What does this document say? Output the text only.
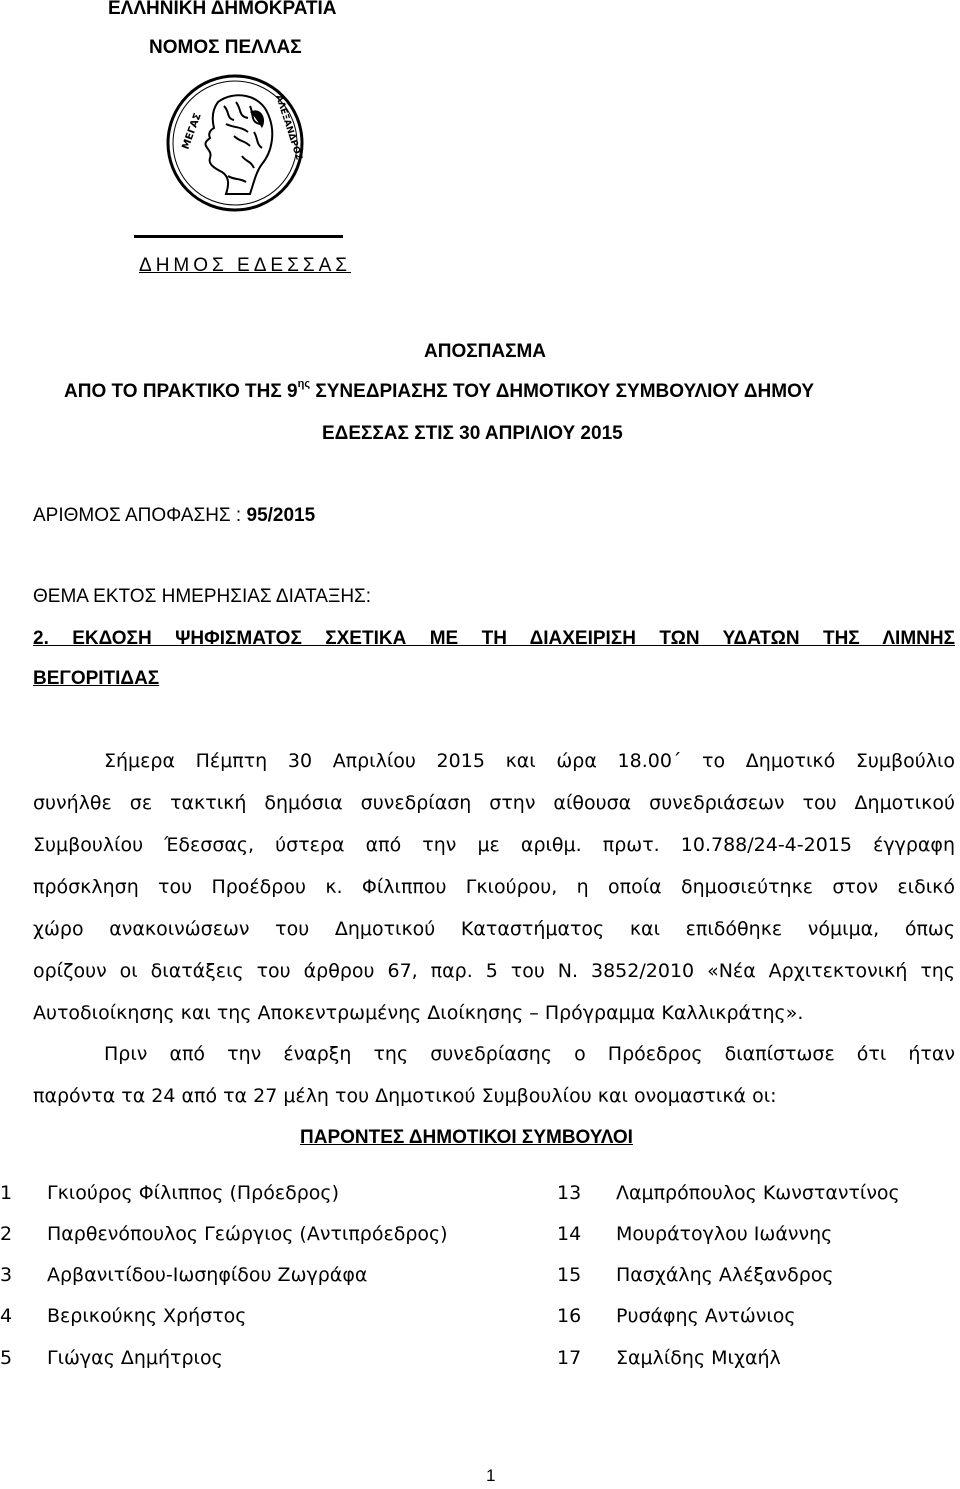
ΕΛΛΗΝΙΚΗ ΔΗΜΟΚΡΑΤΙΑ
ΝΟΜΟΣ ΠΕΛΛΑΣ
ΜΕΓΑΣ	ΑΛΕΞΑΝΔΡΟΣ
ΔΗΜΟΣ ΕΔΕΣΣΑΣ
ΑΠΟΣΠΑΣΜΑ
ΑΠΟ ΤΟ ΠΡΑΚΤΙΚΟ ΤΗΣ $9^{\eta\varsigma}$ ΣΥΝΕΔΡΙΑΣΗΣ ΤΟΥ ΔΗΜΟΤΙΚΟΥ ΣΥΜΒΟΥΛΙΟΥ ΔΗΜΟΥ
ΕΔΕΣΣΑΣ ΣΤΙΣ 30 ΑΠΡΙΛΙΟΥ 2015
ΑΡΙΘΜΟΣ ΑΠΟΦΑΣΗΣ : 95/2015
ΘΕΜΑ ΕΚΤΟΣ ΗΜΕΡΗΣΙΑΣ ΔΙΑΤΑΞΗΣ:
2. ΕΚΔΟΣΗ ΨΗΦΙΣΜΑΤΟΣ ΣΧΕΤΙΚΑ ΜΕ ΤΗ ΔΙΑΧΕΙΡΙΣΗ ΤΩΝ ΥΔΑΤΩΝ ΤΗΣ ΛΙΜΝΗΣ
ΒΕΓΟΡΙΤΙΔΑΣ
Σήμερα Πέμπτη 30 Απριλίου 2015 και ώρα 18.00΄ το Δημοτικό Συμβούλιο
συνήλθε σε τακτική δημόσια συνεδρίαση στην αίθουσα συνεδριάσεων του Δημοτικού
Συμβουλίου Έδεσσας, ύστερα από την με αριθμ. πρωτ. 10.788/24-4-2015 έγγραφη
πρόσκληση του Προέδρου κ. Φίλιππου Γκιούρου, η οποία δημοσιεύτηκε στον ειδικό
χώρο ανακοινώσεων του Δημοτικού Καταστήματος και επιδόθηκε νόμιμα, όπως
ορίζουν οι διατάξεις του άρθρου 67, παρ. 5 του Ν. 3852/2010 «Νέα Αρχιτεκτονική της
Αυτοδιοίκησης και της Αποκεντρωμένης Διοίκησης – Πρόγραμμα Καλλικράτης».
Πριν από την έναρξη της συνεδρίασης ο Πρόεδρος διαπίστωσε ότι ήταν
παρόντα τα 24 από τα 27 μέλη του Δημοτικού Συμβουλίου και ονομαστικά οι:
ΠΑΡΟΝΤΕΣ ΔΗΜΟΤΙΚΟΙ ΣΥΜΒΟΥΛΟΙ
1 Γκιούρος Φίλιππος (Πρόεδρος)
2 Παρθενόπουλος Γεώργιος (Αντιπρόεδρος)
3 Αρβανιτίδου-Ιωσηφίδου Ζωγράφα
4 Βερικούκης Χρήστος
5 Γιώγας Δημήτριος
13 Λαμπρόπουλος Κωνσταντίνος
14 Μουράτογλου Ιωάννης
15 Πασχάλης Αλέξανδρος
16 Ρυσάφης Αντώνιος
17 Σαμλίδης Μιχαήλ
1
